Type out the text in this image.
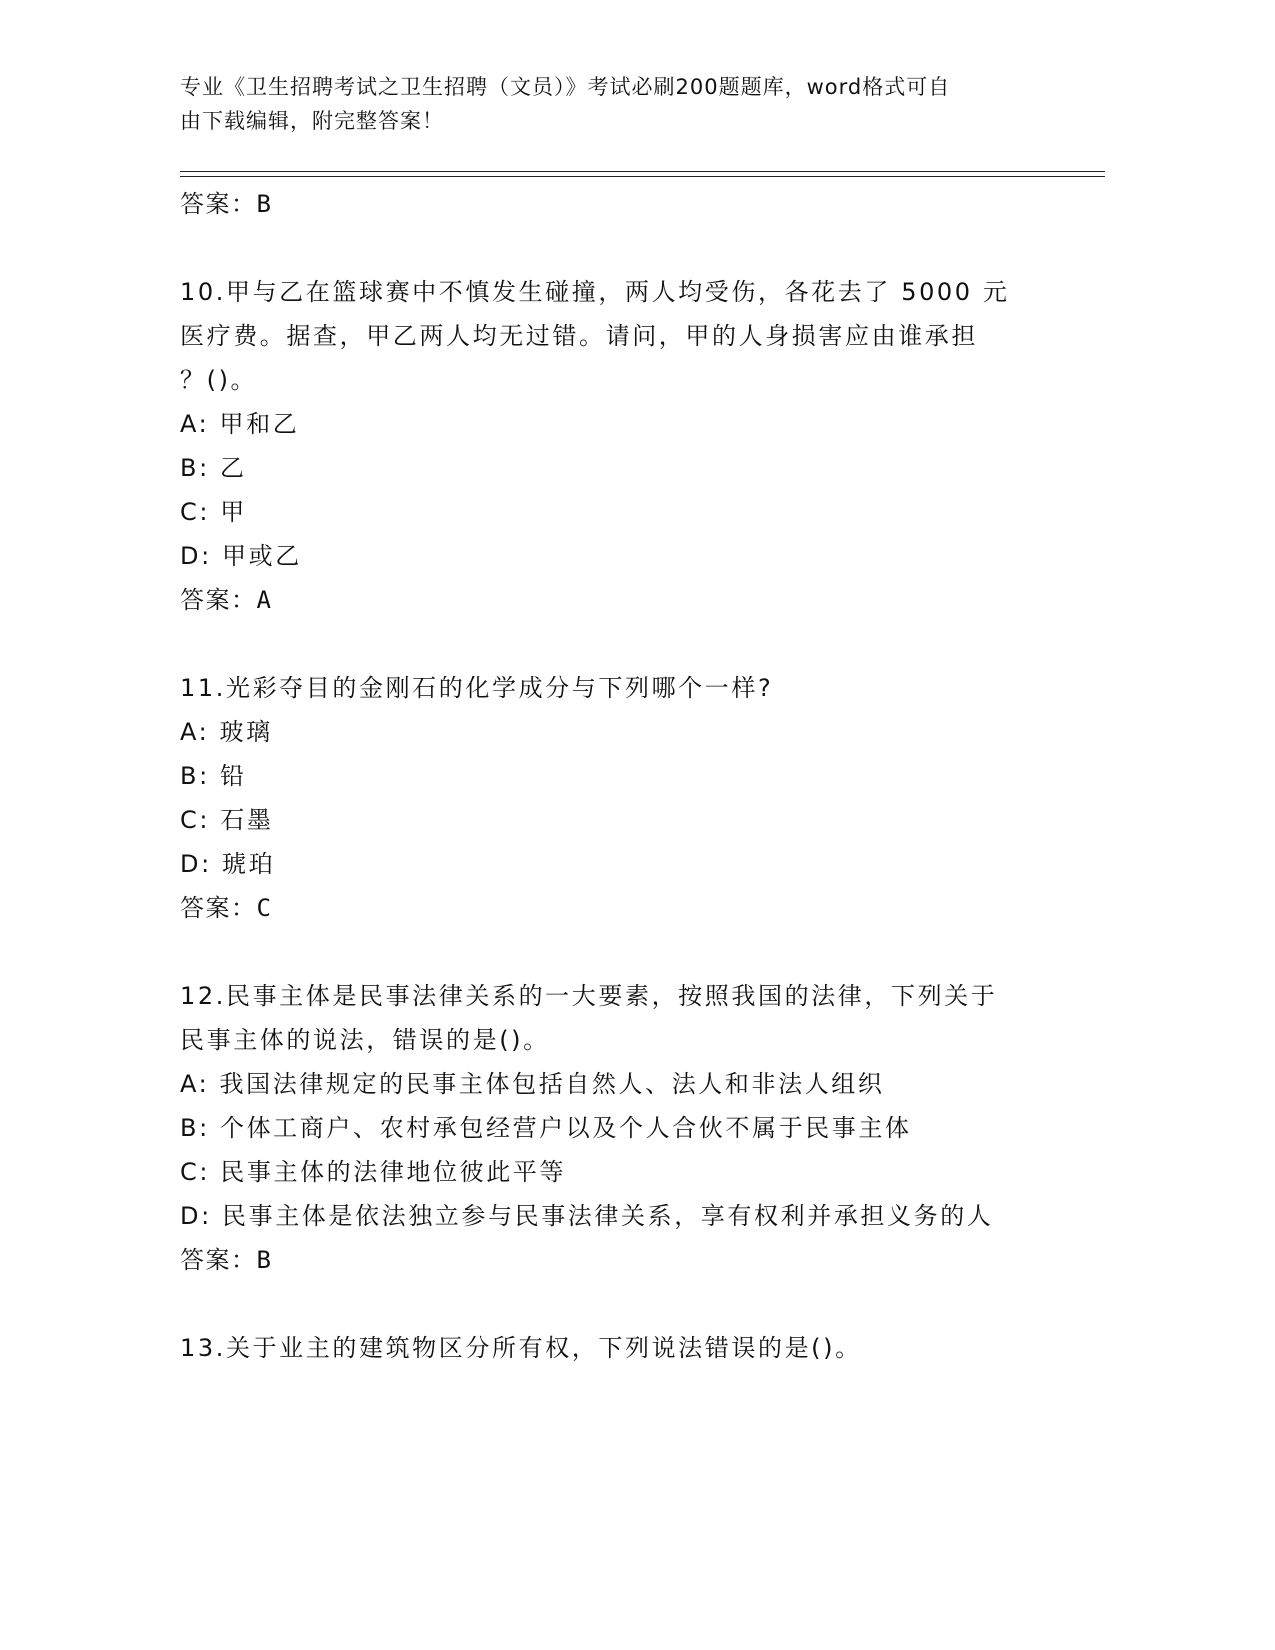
专业《卫生招聘考试之卫生招聘（文员）》考试必刷200题题库，word格式可自
由下载编辑，附完整答案！
答案：B
10.甲与乙在篮球赛中不慎发生碰撞，两人均受伤，各花去了 5000 元
医疗费。据查，甲乙两人均无过错。请问，甲的人身损害应由谁承担
？()。
A: 甲和乙
B: 乙
C: 甲
D: 甲或乙
答案：A
11.光彩夺目的金刚石的化学成分与下列哪个一样?
A: 玻璃
B: 铅
C: 石墨
D: 琥珀
答案：C
12.民事主体是民事法律关系的一大要素，按照我国的法律，下列关于
民事主体的说法，错误的是()。
A: 我国法律规定的民事主体包括自然人、法人和非法人组织
B: 个体工商户、农村承包经营户以及个人合伙不属于民事主体
C: 民事主体的法律地位彼此平等
D: 民事主体是依法独立参与民事法律关系，享有权利并承担义务的人
答案：B
13.关于业主的建筑物区分所有权，下列说法错误的是()。
